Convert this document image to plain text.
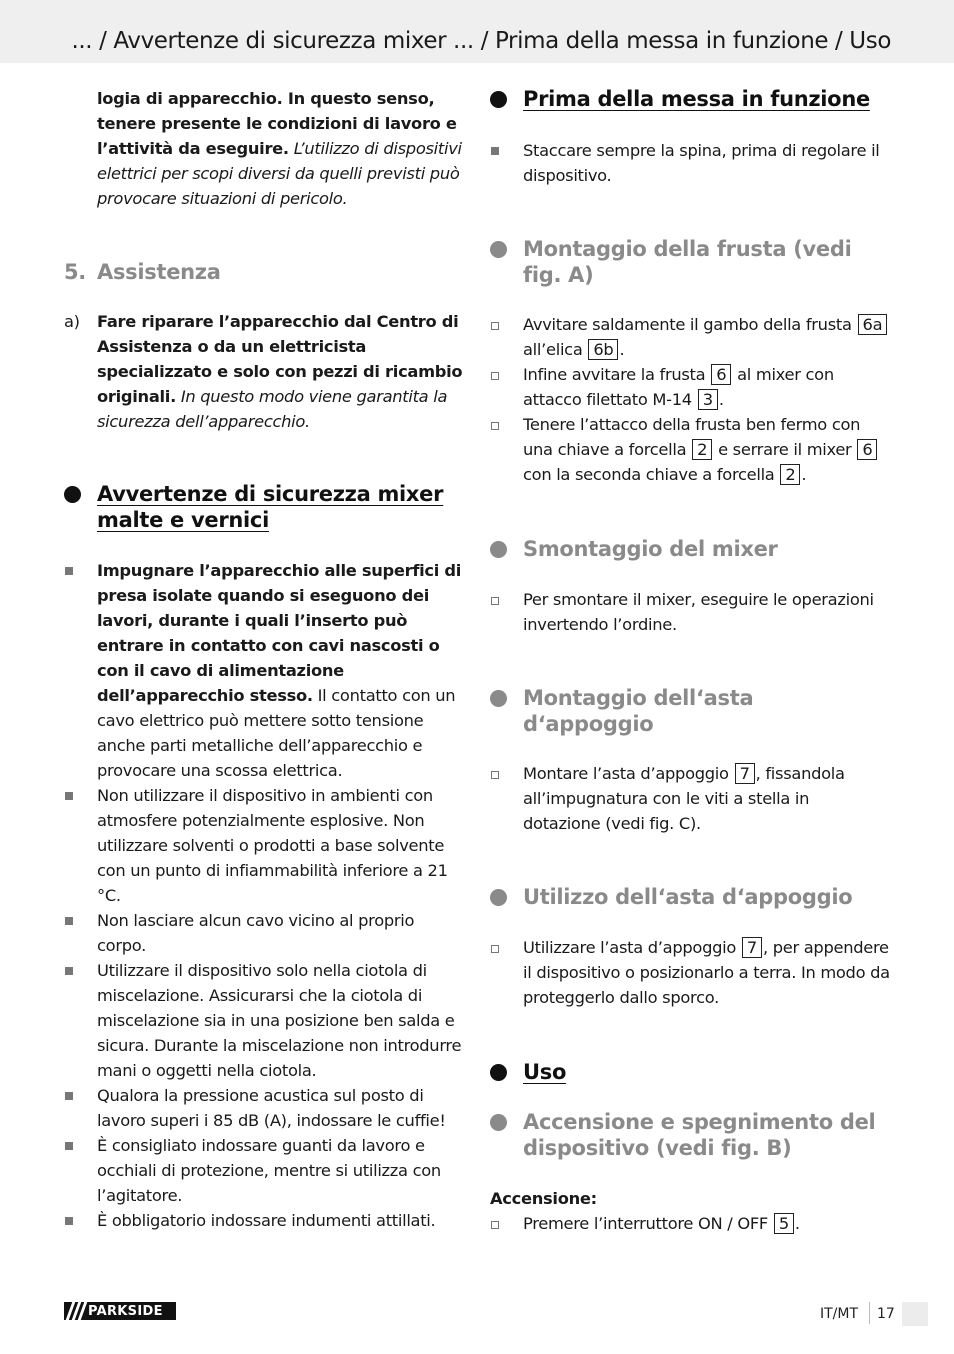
... / Avvertenze di sicurezza mixer ... / Prima della messa in funzione / Uso

logia di apparecchio. In questo senso, tenere presente le condizioni di lavoro e l’attività da eseguire. L’utilizzo di dispositivi elettrici per scopi diversi da quelli previsti può provocare situazioni di pericolo.

5. Assistenza
a) Fare riparare l’apparecchio dal Centro di Assistenza o da un elettricista specializzato e solo con pezzi di ricambio originali. In questo modo viene garantita la sicurezza dell’apparecchio.
Avvertenze di sicurezza mixer malte e vernici
Impugnare l’apparecchio alle superfici di presa isolate quando si eseguono dei lavori, durante i quali l’inserto può entrare in contatto con cavi nascosti o con il cavo di alimentazione dell’apparecchio stesso. Il contatto con un cavo elettrico può mettere sotto tensione anche parti metalliche dell’apparecchio e provocare una scossa elettrica.
Non utilizzare il dispositivo in ambienti con atmosfere potenzialmente esplosive. Non utilizzare solventi o prodotti a base solvente con un punto di infiammabilità inferiore a 21 °C.
Non lasciare alcun cavo vicino al proprio corpo.
Utilizzare il dispositivo solo nella ciotola di miscelazione. Assicurarsi che la ciotola di miscelazione sia in una posizione ben salda e sicura. Durante la miscelazione non introdurre mani o oggetti nella ciotola.
Qualora la pressione acustica sul posto di lavoro superi i 85 dB (A), indossare le cuffie!
È consigliato indossare guanti da lavoro e occhiali di protezione, mentre si utilizza con l’agitatore.
È obbligatorio indossare indumenti attillati.
Prima della messa in funzione
Staccare sempre la spina, prima di regolare il dispositivo.
Montaggio della frusta (vedi fig. A)
Avvitare saldamente il gambo della frusta 6a all’elica 6b .
Infine avvitare la frusta 6 al mixer con attacco filettato M-14 3 .
Tenere l’attacco della frusta ben fermo con una chiave a forcella 2 e serrare il mixer 6 con la seconda chiave a forcella 2 .
Smontaggio del mixer
Per smontare il mixer, eseguire le operazioni invertendo l’ordine.
Montaggio dell‘asta d‘appoggio
Montare l’asta d’appoggio 7 , fissandola all’impugnatura con le viti a stella in dotazione (vedi fig. C).
Utilizzo dell‘asta d‘appoggio
Utilizzare l’asta d’appoggio 7 , per appendere il dispositivo o posizionarlo a terra. In modo da proteggerlo dallo sporco.
Uso
Accensione e spegnimento del dispositivo (vedi fig. B)
Accensione:
Premere l’interruttore ON / OFF 5 .
PARKSIDE	IT/MT 17
